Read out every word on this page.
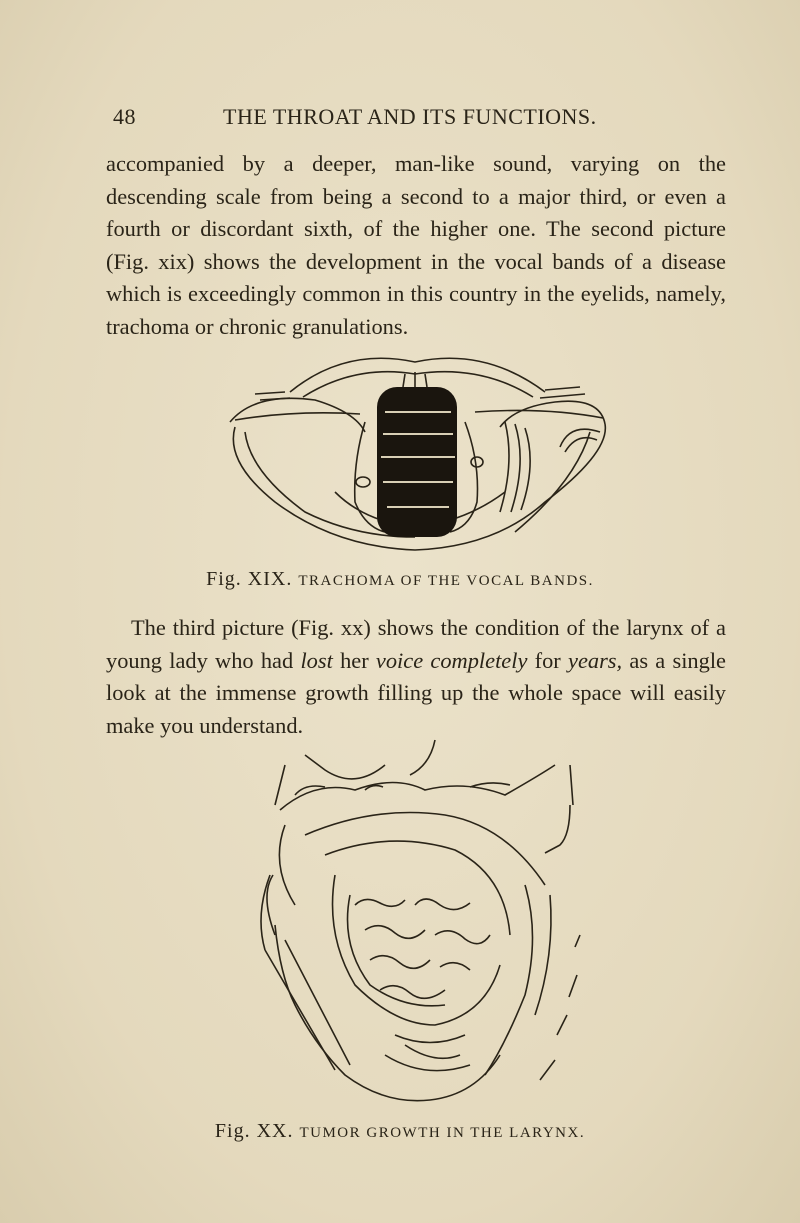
48	THE THROAT AND ITS FUNCTIONS.

accompanied by a deeper, man-like sound, varying on the descending scale from being a second to a major third, or even a fourth or discordant sixth, of the higher one. The second picture (Fig. xix) shows the development in the vocal bands of a disease which is exceedingly common in this country in the eyelids, namely, trachoma or chronic granulations.

Fig. XIX. TRACHOMA OF THE VOCAL BANDS.

The third picture (Fig. xx) shows the condition of the larynx of a young lady who had lost her voice completely for years, as a single look at the immense growth filling up the whole space will easily make you understand.

Fig. XX. TUMOR GROWTH IN THE LARYNX.
